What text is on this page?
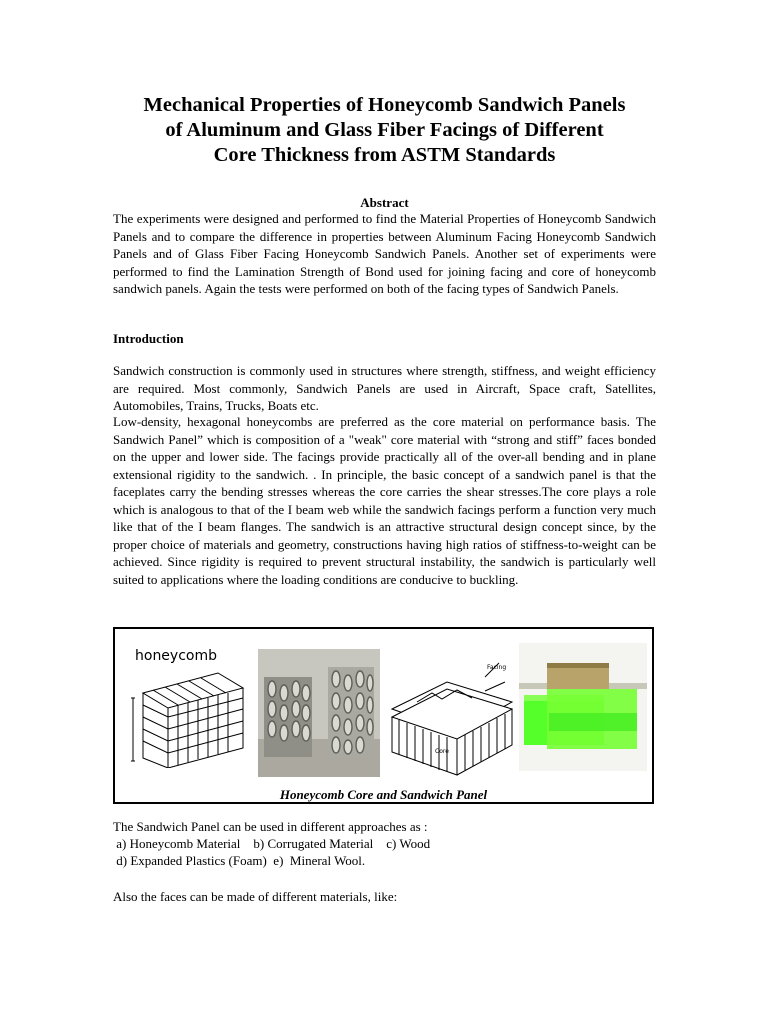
Mechanical Properties of Honeycomb Sandwich Panels
of Aluminum and Glass Fiber Facings of Different
Core Thickness from ASTM Standards
Abstract
The experiments were designed and performed to find the Material Properties of Honeycomb Sandwich Panels and to compare the difference in properties between Aluminum Facing Honeycomb Sandwich Panels and of Glass Fiber Facing Honeycomb Sandwich Panels. Another set of experiments were performed to find the Lamination Strength of Bond used for joining facing and core of honeycomb sandwich panels. Again the tests were performed on both of the facing types of Sandwich Panels.
Introduction
Sandwich construction is commonly used in structures where strength, stiffness, and weight efficiency are required. Most commonly, Sandwich Panels are used in Aircraft, Space craft, Satellites, Automobiles, Trains, Trucks, Boats etc.
Low-density, hexagonal honeycombs are preferred as the core material on performance basis. The Sandwich Panel” which is composition of a "weak" core material with “strong and stiff” faces bonded on the upper and lower side. The facings provide practically all of the over-all bending and in plane extensional rigidity to the sandwich. . In principle, the basic concept of a sandwich panel is that the faceplates carry the bending stresses whereas the core carries the shear stresses.The core plays a role which is analogous to that of the I beam web while the sandwich facings perform a function very much like that of the I beam flanges. The sandwich is an attractive structural design concept since, by the proper choice of materials and geometry, constructions having high ratios of stiffness-to-weight can be achieved. Since rigidity is required to prevent structural instability, the sandwich is particularly well suited to applications where the loading conditions are conducive to buckling.
honeycomb
Facing
Core
Honeycomb Core and Sandwich Panel
The Sandwich Panel can be used in different approaches as :
a) Honeycomb Material    b) Corrugated Material    c) Wood
d) Expanded Plastics (Foam)  e)  Mineral Wool.
Also the faces can be made of different materials, like:
